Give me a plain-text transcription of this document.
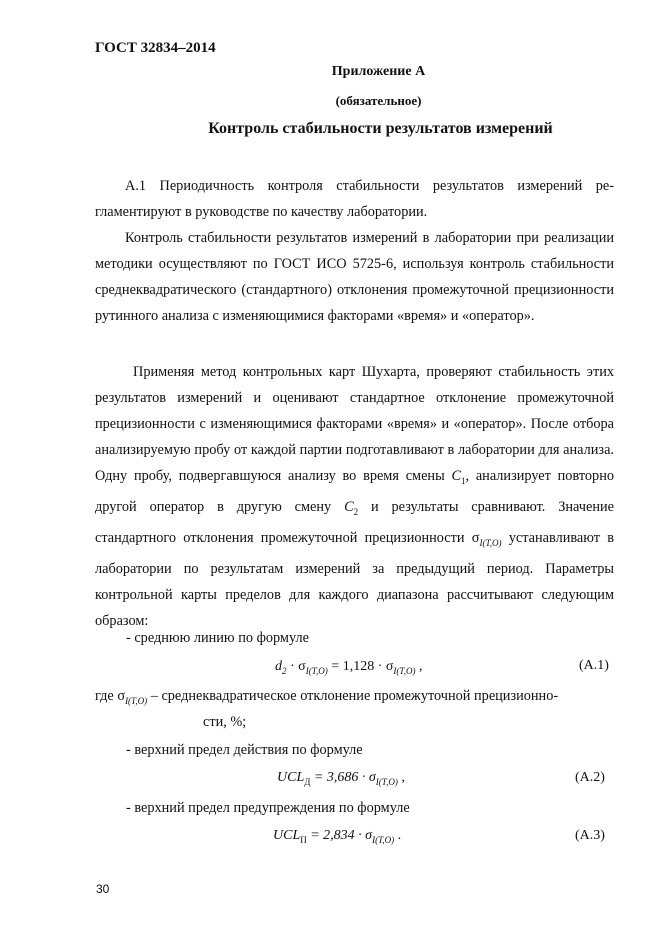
ГОСТ 32834–2014
Приложение А
(обязательное)
Контроль стабильности результатов измерений

А.1 Периодичность контроля стабильности результатов измерений регламентируют в руководстве по качеству лаборатории.

Контроль стабильности результатов измерений в лаборатории при реализации методики осуществляют по ГОСТ ИСО 5725-6, используя контроль стабильности среднеквадратического (стандартного) отклонения промежуточной прецизионности рутинного анализа с изменяющимися факторами «время» и «оператор».

Применяя метод контрольных карт Шухарта, проверяют стабильность этих результатов измерений и оценивают стандартное отклонение промежуточной прецизионности с изменяющимися факторами «время» и «оператор». После отбора анализируемую пробу от каждой партии подготавливают в лаборатории для анализа. Одну пробу, подвергавшуюся анализу во время смены $C_1$, анализирует повторно другой оператор в другую смену $C_2$ и результаты сравнивают. Значение стандартного отклонения промежуточной прецизионности $\sigma_{I(T,O)}$ устанавливают в лаборатории по результатам измерений за предыдущий период. Параметры контрольной карты пределов для каждого диапазона рассчитывают следующим образом:

- среднюю линию по формуле
$d_2 \cdot \sigma_{I(T,O)} = 1,128 \cdot \sigma_{I(T,O)}$ ,	(А.1)
где $\sigma_{I(T,O)}$ – среднеквадратическое отклонение промежуточной прецизионно-
сти, %;
- верхний предел действия по формуле
$UCL_Д = 3,686 \cdot \sigma_{I(T,O)}$ ,	(А.2)
- верхний предел предупреждения по формуле
$UCL_П = 2,834 \cdot \sigma_{I(T,O)}$ .	(А.3)
30
